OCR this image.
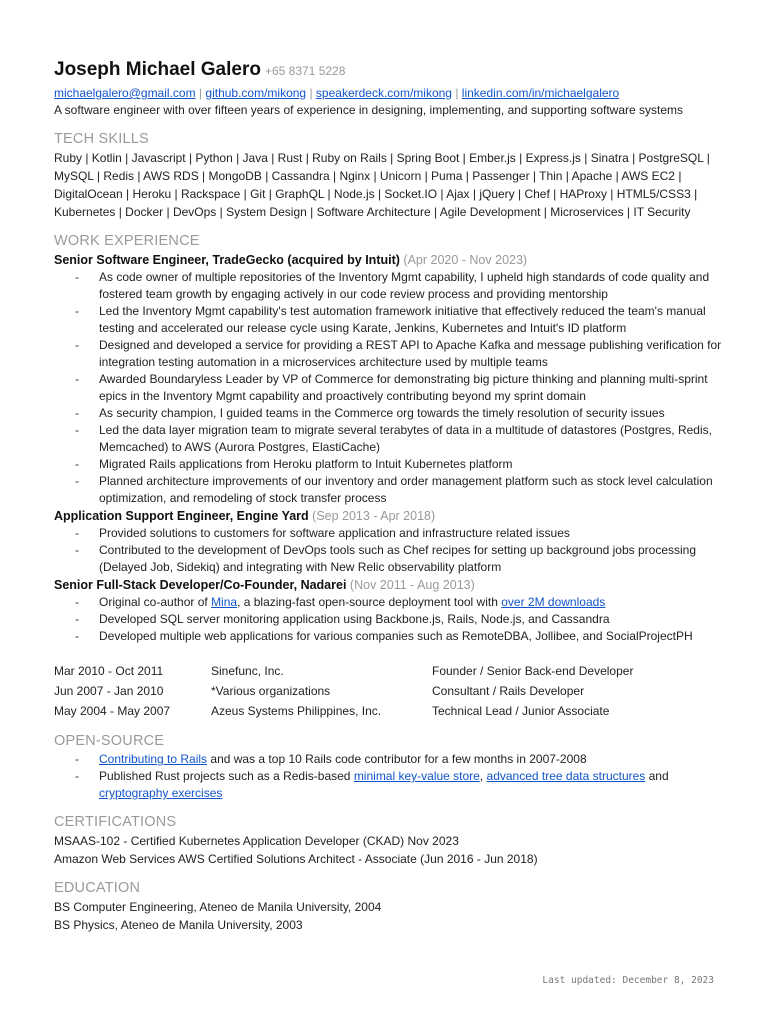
Joseph Michael Galero +65 8371 5228
michaelgalero@gmail.com | github.com/mikong | speakerdeck.com/mikong | linkedin.com/in/michaelgalero
A software engineer with over fifteen years of experience in designing, implementing, and supporting software systems
TECH SKILLS
Ruby | Kotlin | Javascript | Python | Java | Rust | Ruby on Rails | Spring Boot | Ember.js | Express.js | Sinatra | PostgreSQL | MySQL | Redis | AWS RDS | MongoDB | Cassandra | Nginx | Unicorn | Puma | Passenger | Thin | Apache | AWS EC2 | DigitalOcean | Heroku | Rackspace | Git | GraphQL | Node.js | Socket.IO | Ajax | jQuery | Chef | HAProxy | HTML5/CSS3 | Kubernetes | Docker | DevOps | System Design | Software Architecture | Agile Development | Microservices | IT Security
WORK EXPERIENCE
Senior Software Engineer, TradeGecko (acquired by Intuit) (Apr 2020 - Nov 2023)
- As code owner of multiple repositories of the Inventory Mgmt capability, I upheld high standards of code quality and fostered team growth by engaging actively in our code review process and providing mentorship
- Led the Inventory Mgmt capability's test automation framework initiative that effectively reduced the team's manual testing and accelerated our release cycle using Karate, Jenkins, Kubernetes and Intuit's ID platform
- Designed and developed a service for providing a REST API to Apache Kafka and message publishing verification for integration testing automation in a microservices architecture used by multiple teams
- Awarded Boundaryless Leader by VP of Commerce for demonstrating big picture thinking and planning multi-sprint epics in the Inventory Mgmt capability and proactively contributing beyond my sprint domain
- As security champion, I guided teams in the Commerce org towards the timely resolution of security issues
- Led the data layer migration team to migrate several terabytes of data in a multitude of datastores (Postgres, Redis, Memcached) to AWS (Aurora Postgres, ElastiCache)
- Migrated Rails applications from Heroku platform to Intuit Kubernetes platform
- Planned architecture improvements of our inventory and order management platform such as stock level calculation optimization, and remodeling of stock transfer process
Application Support Engineer, Engine Yard (Sep 2013 - Apr 2018)
- Provided solutions to customers for software application and infrastructure related issues
- Contributed to the development of DevOps tools such as Chef recipes for setting up background jobs processing (Delayed Job, Sidekiq) and integrating with New Relic observability platform
Senior Full-Stack Developer/Co-Founder, Nadarei (Nov 2011 - Aug 2013)
- Original co-author of Mina, a blazing-fast open-source deployment tool with over 2M downloads
- Developed SQL server monitoring application using Backbone.js, Rails, Node.js, and Cassandra
- Developed multiple web applications for various companies such as RemoteDBA, Jollibee, and SocialProjectPH
Mar 2010 - Oct 2011	Sinefunc, Inc.	Founder / Senior Back-end Developer
Jun 2007 - Jan 2010	*Various organizations	Consultant / Rails Developer
May 2004 - May 2007	Azeus Systems Philippines, Inc.	Technical Lead / Junior Associate
OPEN-SOURCE
- Contributing to Rails and was a top 10 Rails code contributor for a few months in 2007-2008
- Published Rust projects such as a Redis-based minimal key-value store, advanced tree data structures and cryptography exercises
CERTIFICATIONS
MSAAS-102 - Certified Kubernetes Application Developer (CKAD) Nov 2023
Amazon Web Services AWS Certified Solutions Architect - Associate (Jun 2016 - Jun 2018)
EDUCATION
BS Computer Engineering, Ateneo de Manila University, 2004
BS Physics, Ateneo de Manila University, 2003
Last updated: December 8, 2023
